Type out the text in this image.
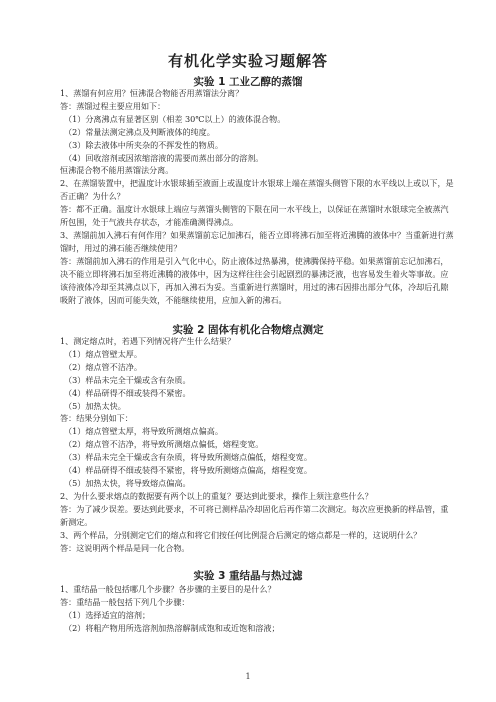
有机化学实验习题解答
实验 1 工业乙醇的蒸馏

1、蒸馏有何应用？恒沸混合物能否用蒸馏法分离？

答：蒸馏过程主要应用如下：

（1）分离沸点有显著区别（相差 30℃以上）的液体混合物。

（2）常量法测定沸点及判断液体的纯度。

（3）除去液体中所夹杂的不挥发性的物质。

（4）回收溶剂或因浓缩溶液的需要而蒸出部分的溶剂。

恒沸混合物不能用蒸馏法分离。

2、在蒸馏装置中，把温度计水银球插至液面上或温度计水银球上端在蒸馏头侧管下限的水平线以上或以下，是否正确？为什么？

答：都不正确。温度计水银球上端应与蒸馏头侧管的下限在同一水平线上，以保证在蒸馏时水银球完全被蒸汽所包围，处于气液共存状态，才能准确测得沸点。

3、蒸馏前加入沸石有何作用？如果蒸馏前忘记加沸石，能否立即将沸石加至将近沸腾的液体中？当重新进行蒸馏时，用过的沸石能否继续使用？

答：蒸馏前加入沸石的作用是引入气化中心，防止液体过热暴沸，使沸腾保持平稳。如果蒸馏前忘记加沸石，决不能立即将沸石加至将近沸腾的液体中，因为这样往往会引起剧烈的暴沸泛液，也容易发生着火等事故。应该待液体冷却至其沸点以下，再加入沸石为妥。当重新进行蒸馏时，用过的沸石因排出部分气体，冷却后孔隙吸附了液体，因而可能失效，不能继续使用，应加入新的沸石。

实验 2 固体有机化合物熔点测定

1、测定熔点时，若遇下列情况将产生什么结果？

（1）熔点管壁太厚。

（2）熔点管不洁净。

（3）样品未完全干燥或含有杂质。

（4）样品研得不细或装得不紧密。

（5）加热太快。

答：结果分别如下：

（1）熔点管壁太厚，将导致所测熔点偏高。

（2）熔点管不洁净，将导致所测熔点偏低，熔程变宽。

（3）样品未完全干燥或含有杂质，将导致所测熔点偏低，熔程变宽。

（4）样品研得不细或装得不紧密，将导致所测熔点偏高，熔程变宽。

（5）加热太快，将导致熔点偏高。

2、为什么要求熔点的数据要有两个以上的重复？要达到此要求，操作上须注意些什么？

答：为了减少误差。要达到此要求，不可将已测样品冷却固化后再作第二次测定。每次应更换新的样品管，重新测定。

3、两个样品，分别测定它们的熔点和将它们按任何比例混合后测定的熔点都是一样的，这说明什么？

答：这说明两个样品是同一化合物。

实验 3 重结晶与热过滤

1、重结晶一般包括哪几个步骤？各步骤的主要目的是什么？

答：重结晶一般包括下列几个步骤：

（1）选择适宜的溶剂；

（2）将粗产物用所选溶剂加热溶解制成饱和或近饱和溶液；

1
